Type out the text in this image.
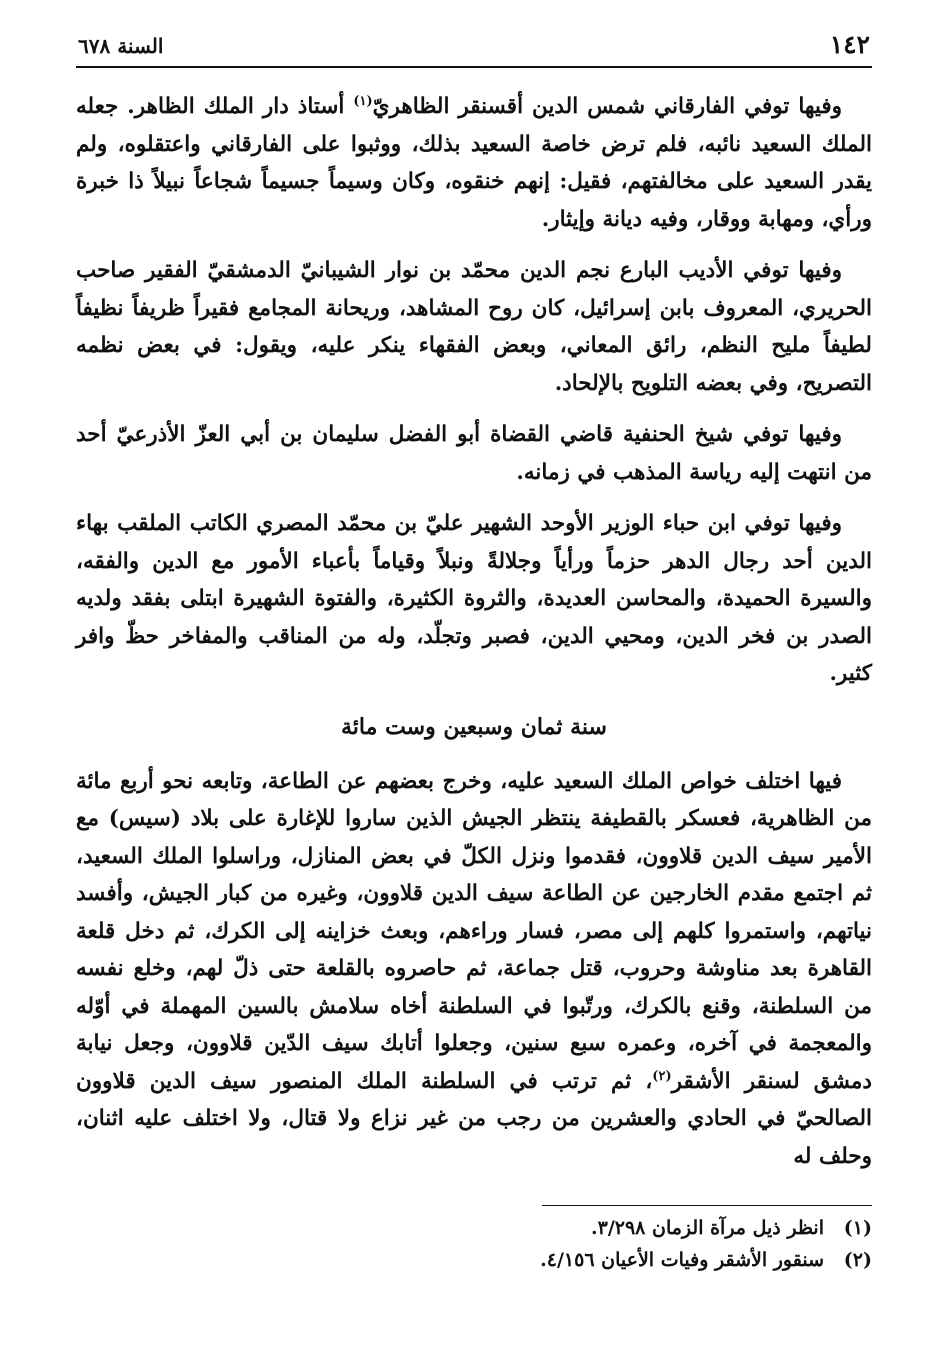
١٤٢
السنة ٦٧٨

وفيها توفي الفارقاني شمس الدين أقسنقر الظاهريّ$^{(١)}$ أستاذ دار الملك الظاهر. جعله الملك السعيد نائبه، فلم ترض خاصة السعيد بذلك، ووثبوا على الفارقاني واعتقلوه، ولم يقدر السعيد على مخالفتهم، فقيل: إنهم خنقوه، وكان وسيماً جسيماً شجاعاً نبيلاً ذا خبرة ورأي، ومهابة ووقار، وفيه ديانة وإيثار.

وفيها توفي الأديب البارع نجم الدين محمّد بن نوار الشيبانيّ الدمشقيّ الفقير صاحب الحريري، المعروف بابن إسرائيل، كان روح المشاهد، وريحانة المجامع فقيراً ظريفاً نظيفاً لطيفاً مليح النظم، رائق المعاني، وبعض الفقهاء ينكر عليه، ويقول: في بعض نظمه التصريح، وفي بعضه التلويح بالإلحاد.

وفيها توفي شيخ الحنفية قاضي القضاة أبو الفضل سليمان بن أبي العزّ الأذرعيّ أحد من انتهت إليه رياسة المذهب في زمانه.

وفيها توفي ابن حباء الوزير الأوحد الشهير عليّ بن محمّد المصري الكاتب الملقب بهاء الدين أحد رجال الدهر حزماً ورأياً وجلالةً ونبلاً وقياماً بأعباء الأمور مع الدين والفقه، والسيرة الحميدة، والمحاسن العديدة، والثروة الكثيرة، والفتوة الشهيرة ابتلى بفقد ولديه الصدر بن فخر الدين، ومحيي الدين، فصبر وتجلّد، وله من المناقب والمفاخر حظّ وافر كثير.

سنة ثمان وسبعين وست مائة

فيها اختلف خواص الملك السعيد عليه، وخرج بعضهم عن الطاعة، وتابعه نحو أربع مائة من الظاهرية، فعسكر بالقطيفة ينتظر الجيش الذين ساروا للإغارة على بلاد (سيس) مع الأمير سيف الدين قلاوون، فقدموا ونزل الكلّ في بعض المنازل، وراسلوا الملك السعيد، ثم اجتمع مقدم الخارجين عن الطاعة سيف الدين قلاوون، وغيره من كبار الجيش، وأفسد نياتهم، واستمروا كلهم إلى مصر، فسار وراءهم، وبعث خزاينه إلى الكرك، ثم دخل قلعة القاهرة بعد مناوشة وحروب، قتل جماعة، ثم حاصروه بالقلعة حتى ذلّ لهم، وخلع نفسه من السلطنة، وقنع بالكرك، ورتّبوا في السلطنة أخاه سلامش بالسين المهملة في أوّله والمعجمة في آخره، وعمره سبع سنين، وجعلوا أتابك سيف الدّين قلاوون، وجعل نيابة دمشق لسنقر الأشقر$^{(٢)}$، ثم ترتب في السلطنة الملك المنصور سيف الدين قلاوون الصالحيّ في الحادي والعشرين من رجب من غير نزاع ولا قتال، ولا اختلف عليه اثنان، وحلف له

(١)
انظر ذيل مرآة الزمان ٣/٢٩٨.
(٢)
سنقور الأشقر وفيات الأعيان ٤/١٥٦.
